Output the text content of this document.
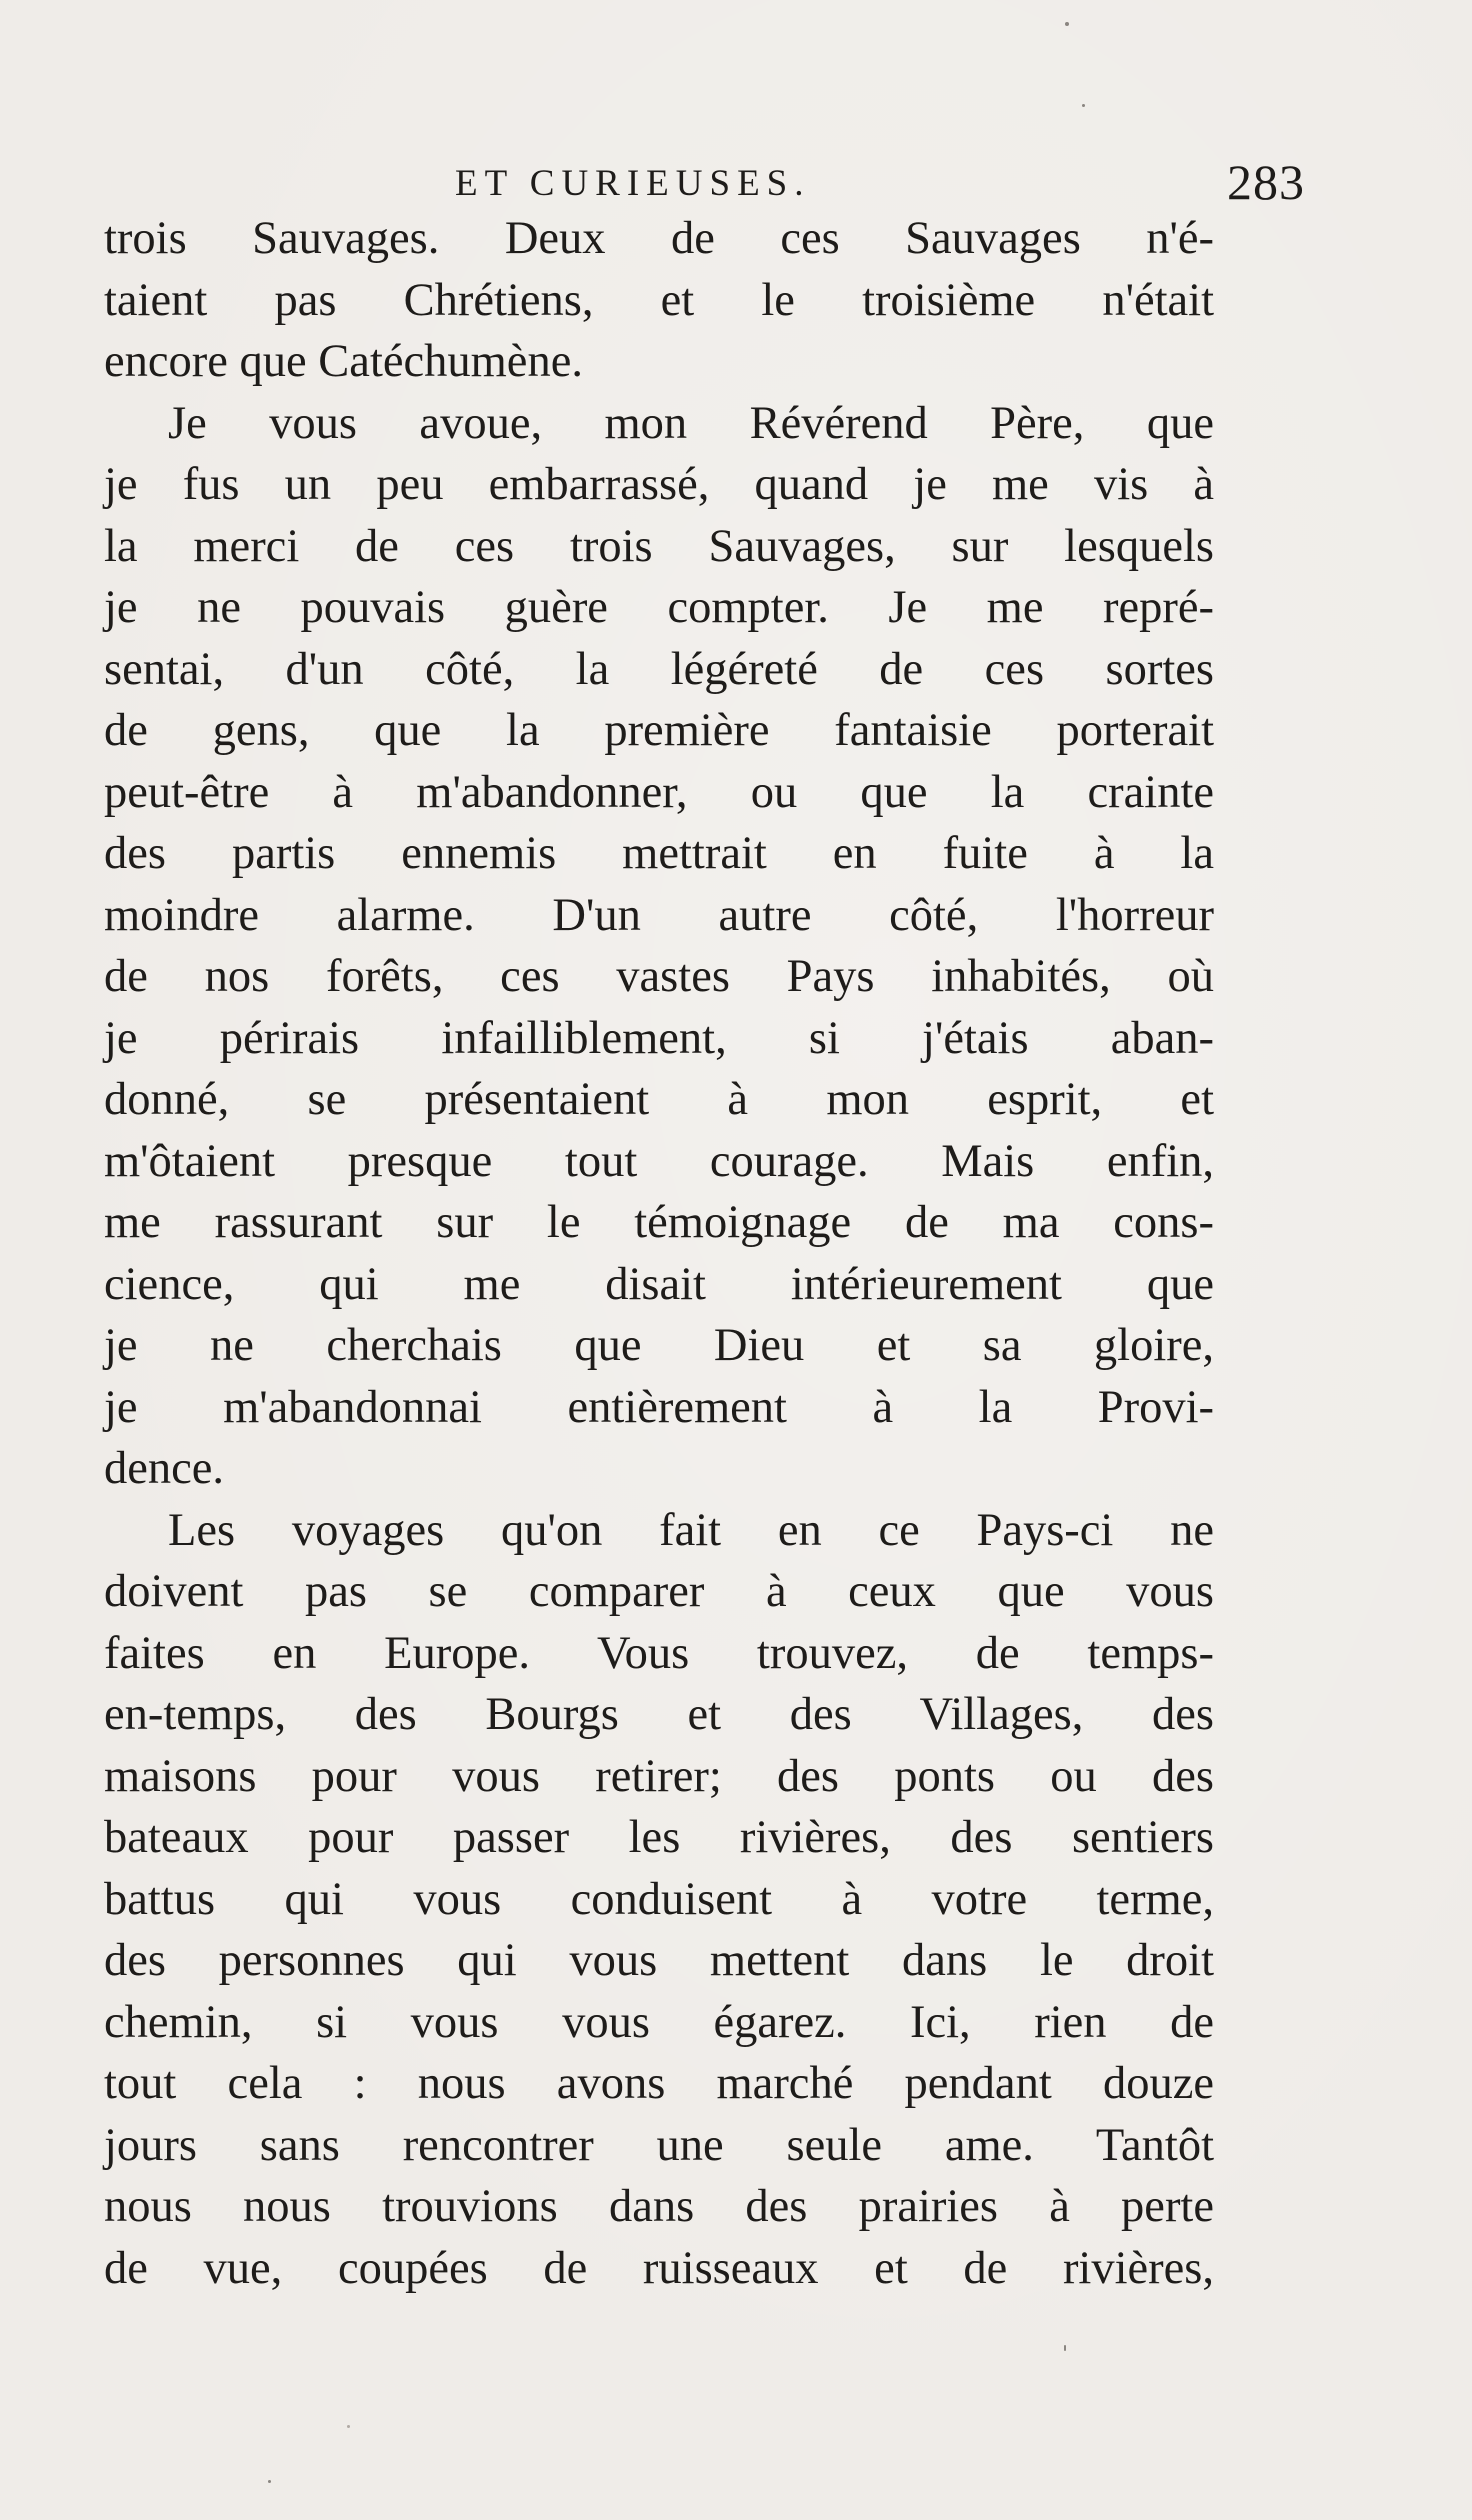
ET CURIEUSES.	283
trois Sauvages. Deux de ces Sauvages n'é-
taient pas Chrétiens, et le troisième n'était
encore que Catéchumène.
Je vous avoue, mon Révérend Père, que
je fus un peu embarrassé, quand je me vis à
la merci de ces trois Sauvages, sur lesquels
je ne pouvais guère compter. Je me repré-
sentai, d'un côté, la légéreté de ces sortes
de gens, que la première fantaisie porterait
peut-être à m'abandonner, ou que la crainte
des partis ennemis mettrait en fuite à la
moindre alarme. D'un autre côté, l'horreur
de nos forêts, ces vastes Pays inhabités, où
je périrais infailliblement, si j'étais aban-
donné, se présentaient à mon esprit, et
m'ôtaient presque tout courage. Mais enfin,
me rassurant sur le témoignage de ma cons-
cience, qui me disait intérieurement que
je ne cherchais que Dieu et sa gloire,
je m'abandonnai entièrement à la Provi-
dence.
Les voyages qu'on fait en ce Pays-ci ne
doivent pas se comparer à ceux que vous
faites en Europe. Vous trouvez, de temps-
en-temps, des Bourgs et des Villages, des
maisons pour vous retirer; des ponts ou des
bateaux pour passer les rivières, des sentiers
battus qui vous conduisent à votre terme,
des personnes qui vous mettent dans le droit
chemin, si vous vous égarez. Ici, rien de
tout cela : nous avons marché pendant douze
jours sans rencontrer une seule ame. Tantôt
nous nous trouvions dans des prairies à perte
de vue, coupées de ruisseaux et de rivières,
